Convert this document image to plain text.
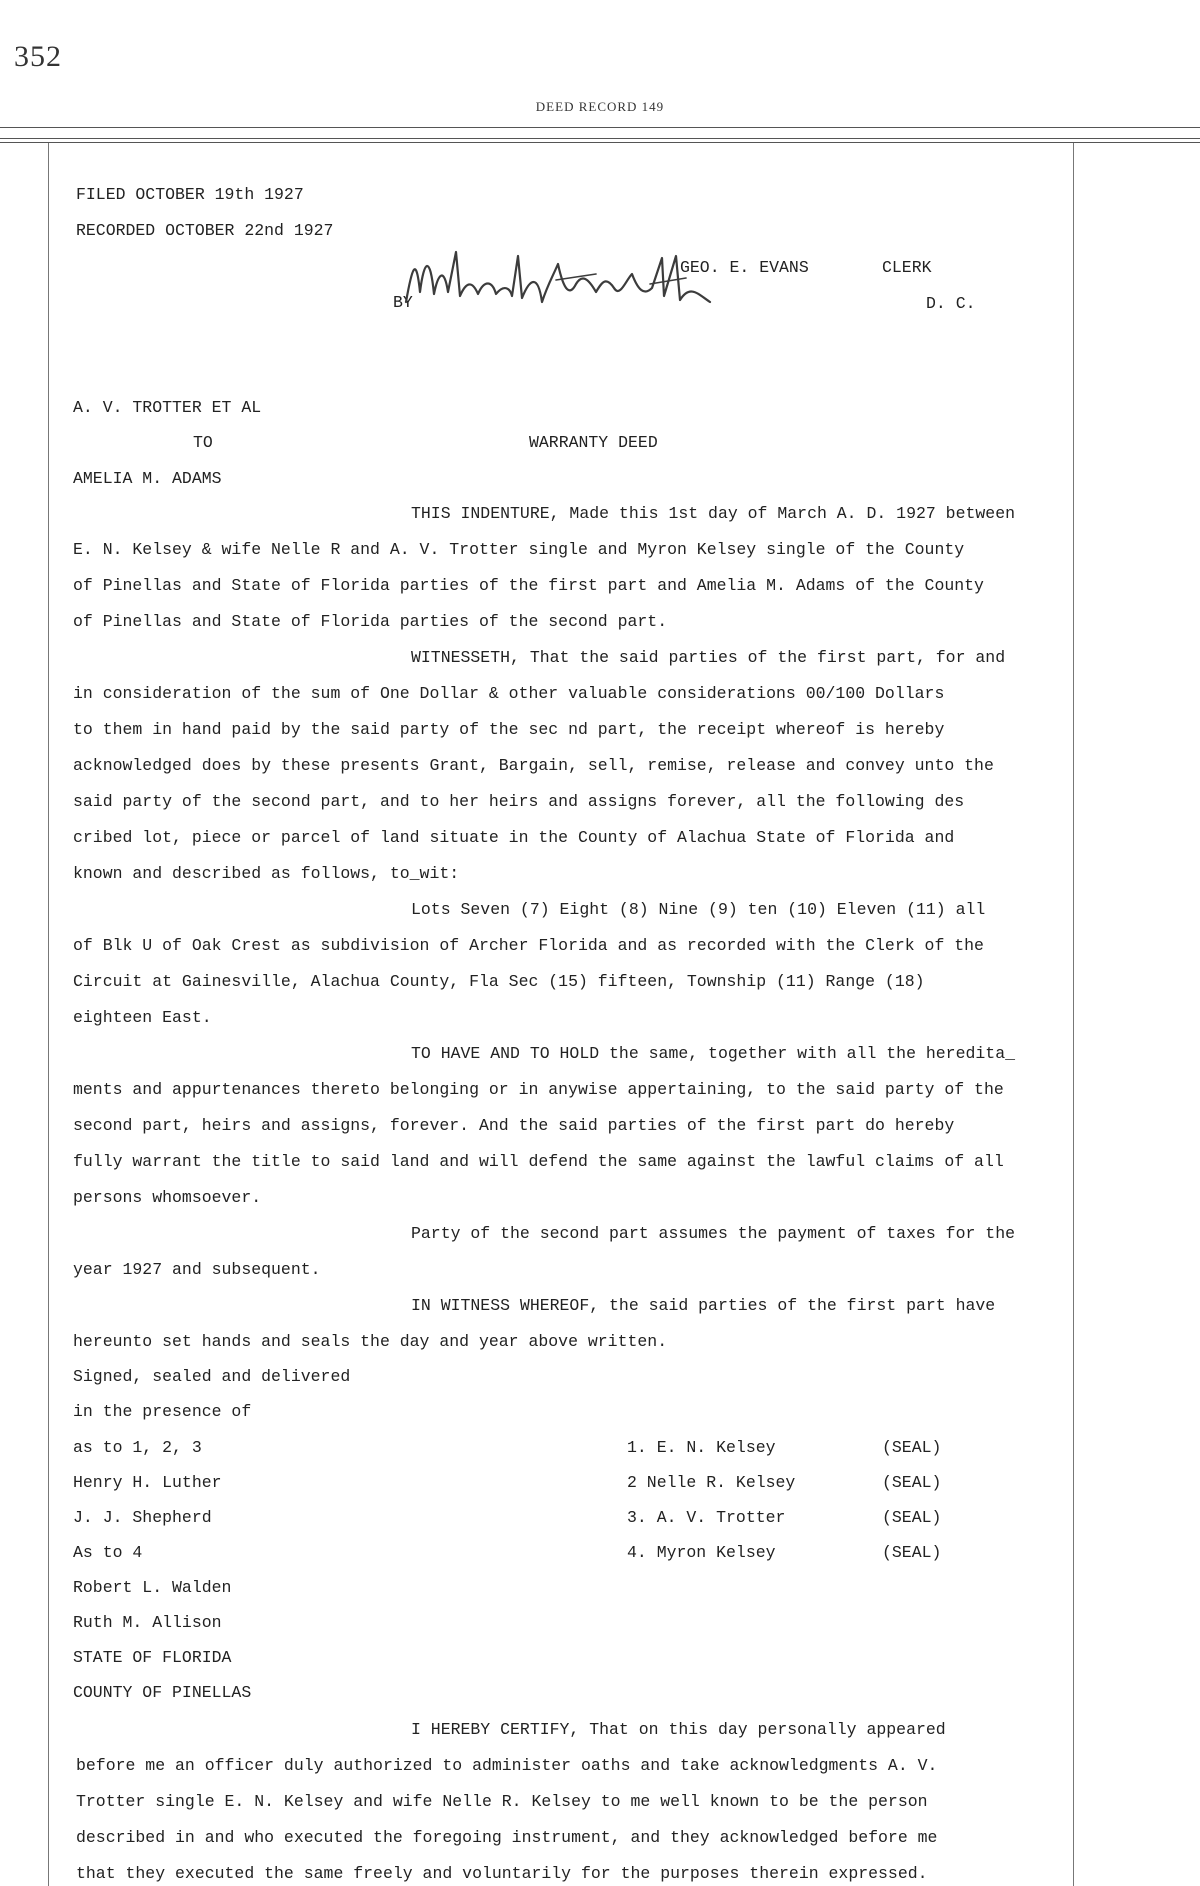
352
DEED RECORD 149
FILED OCTOBER 19th 1927
RECORDED OCTOBER 22nd 1927
BY
GEO. E. EVANS	CLERK
D. C.
A. V. TROTTER ET AL
TO	WARRANTY DEED
AMELIA M. ADAMS
THIS INDENTURE, Made this 1st day of March A. D. 1927 between
E. N. Kelsey & wife Nelle R and A. V. Trotter single and Myron Kelsey single of the County
of Pinellas and State of Florida parties of the first part and Amelia M. Adams of the County
of Pinellas and State of Florida parties of the second part.
WITNESSETH, That the said parties of the first part, for and
in consideration of the sum of One Dollar & other valuable considerations 00/100 Dollars
to them in hand paid by the said party of the sec nd part, the receipt whereof is hereby
acknowledged does by these presents Grant, Bargain, sell, remise, release and convey unto the
said party of the second part, and to her heirs and assigns forever, all the following des
cribed lot, piece or parcel of land situate in the County of Alachua State of Florida and
known and described as follows, to_wit:
Lots Seven (7) Eight (8) Nine (9) ten (10) Eleven (11) all
of Blk U of Oak Crest as subdivision of Archer Florida and as recorded with the Clerk of the
Circuit at Gainesville, Alachua County, Fla Sec (15) fifteen, Township (11) Range (18)
eighteen East.
TO HAVE AND TO HOLD the same, together with all the heredita_
ments and appurtenances thereto belonging or in anywise appertaining, to the said party of the
second part, heirs and assigns, forever. And the said parties of the first part do hereby
fully warrant the title to said land and will defend the same against the lawful claims of all
persons whomsoever.
Party of the second part assumes the payment of taxes for the
year 1927 and subsequent.
IN WITNESS WHEREOF, the said parties of the first part have
hereunto set hands and seals the day and year above written.
Signed, sealed and delivered
in the presence of
as to 1, 2, 3
Henry H. Luther
J. J. Shepherd
As to 4
Robert L. Walden
Ruth M. Allison
1. E. N. Kelsey	(SEAL)
2 Nelle R. Kelsey	(SEAL)
3. A. V. Trotter	(SEAL)
4. Myron Kelsey	(SEAL)
STATE OF FLORIDA
COUNTY OF PINELLAS
I HEREBY CERTIFY, That on this day personally appeared
before me an officer duly authorized to administer oaths and take acknowledgments A. V.
Trotter single E. N. Kelsey and wife Nelle R. Kelsey to me well known to be the person
described in and who executed the foregoing instrument, and they acknowledged before me
that they executed the same freely and voluntarily for the purposes therein expressed.
